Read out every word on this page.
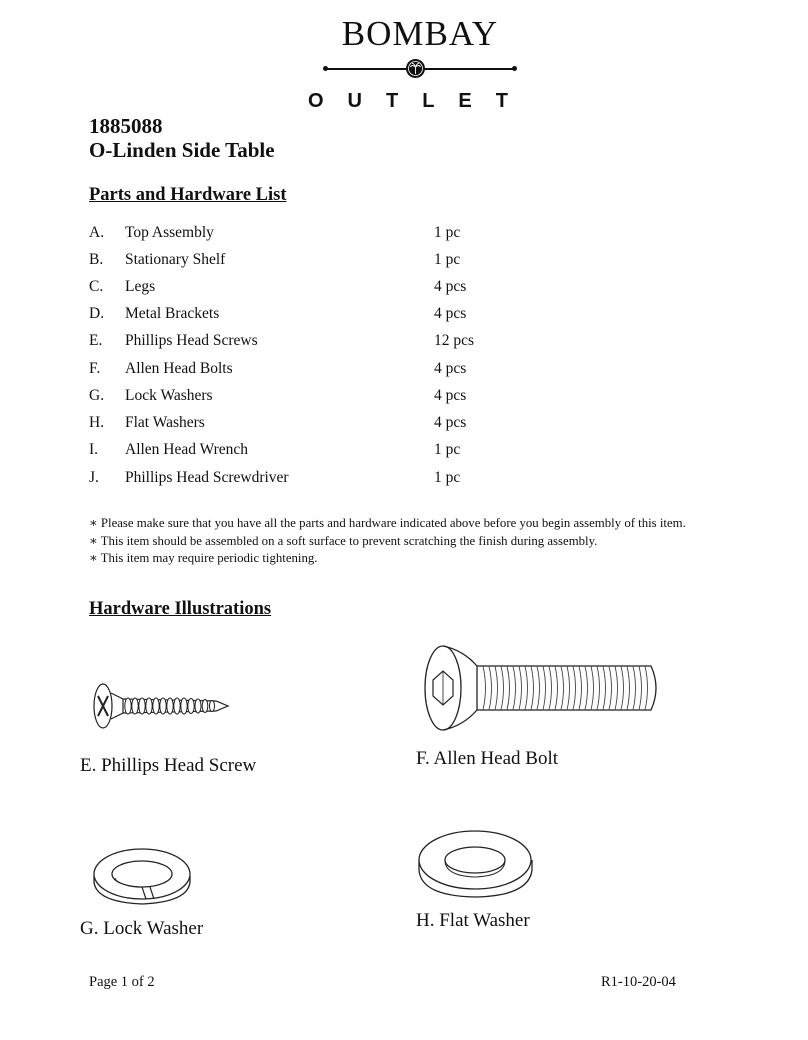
BOMBAY
OUTLET
1885088
O-Linden Side Table
Parts and Hardware List
A. Top Assembly	1 pc
B. Stationary Shelf	1 pc
C. Legs	4 pcs
D. Metal Brackets	4 pcs
E. Phillips Head Screws	12 pcs
F. Allen Head Bolts	4 pcs
G. Lock Washers	4 pcs
H. Flat Washers	4 pcs
I. Allen Head Wrench	1 pc
J. Phillips Head Screwdriver	1 pc
∗ Please make sure that you have all the parts and hardware indicated above before you begin assembly of this item.
∗ This item should be assembled on a soft surface to prevent scratching the finish during assembly.
∗ This item may require periodic tightening.
Hardware Illustrations
E. Phillips Head Screw	F. Allen Head Bolt
G. Lock Washer	H. Flat Washer
Page 1 of 2	R1-10-20-04
